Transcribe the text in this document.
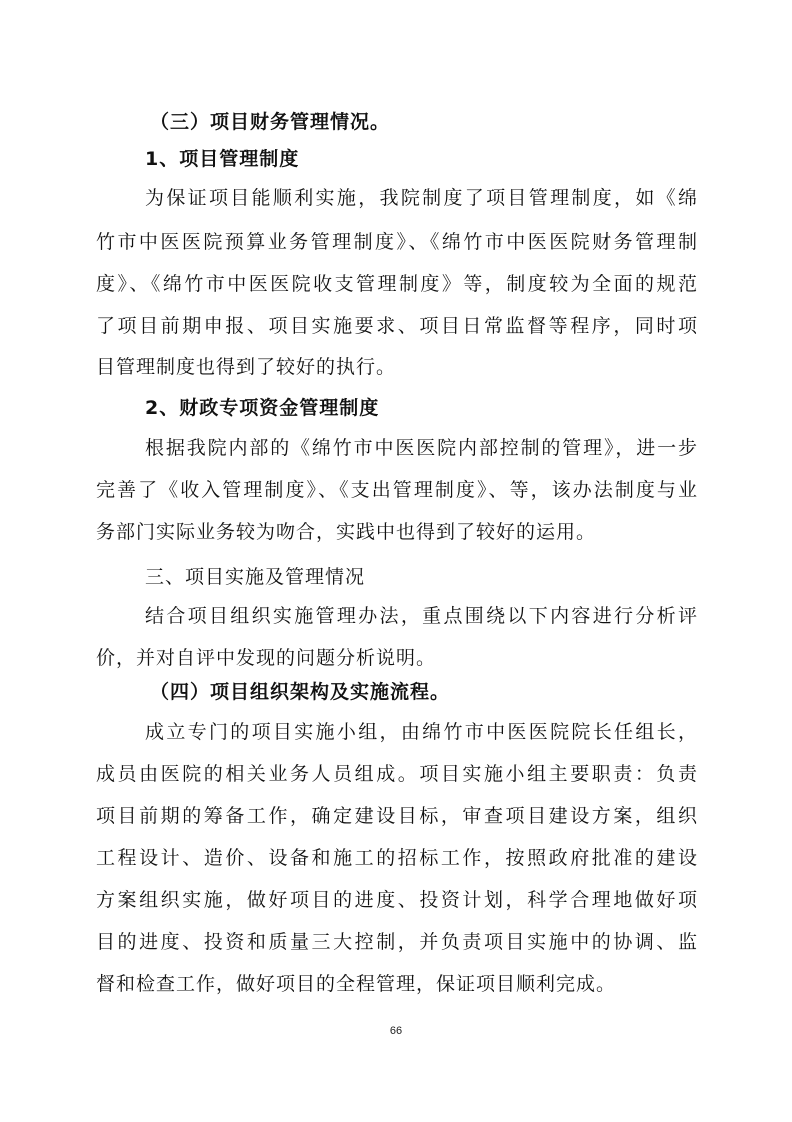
（三）项目财务管理情况。
1、项目管理制度
为保证项目能顺利实施，我院制度了项目管理制度，如《绵
竹市中医医院预算业务管理制度》、《绵竹市中医医院财务管理制
度》、《绵竹市中医医院收支管理制度》等，制度较为全面的规范
了项目前期申报、项目实施要求、项目日常监督等程序，同时项
目管理制度也得到了较好的执行。
2、财政专项资金管理制度
根据我院内部的《绵竹市中医医院内部控制的管理》，进一步
完善了《收入管理制度》、《支出管理制度》、等，该办法制度与业
务部门实际业务较为吻合，实践中也得到了较好的运用。
三、项目实施及管理情况
结合项目组织实施管理办法，重点围绕以下内容进行分析评
价，并对自评中发现的问题分析说明。
（四）项目组织架构及实施流程。
成立专门的项目实施小组，由绵竹市中医医院院长任组长，
成员由医院的相关业务人员组成。项目实施小组主要职责：负责
项目前期的筹备工作，确定建设目标，审查项目建设方案，组织
工程设计、造价、设备和施工的招标工作，按照政府批准的建设
方案组织实施，做好项目的进度、投资计划，科学合理地做好项
目的进度、投资和质量三大控制，并负责项目实施中的协调、监
督和检查工作，做好项目的全程管理，保证项目顺利完成。
66
